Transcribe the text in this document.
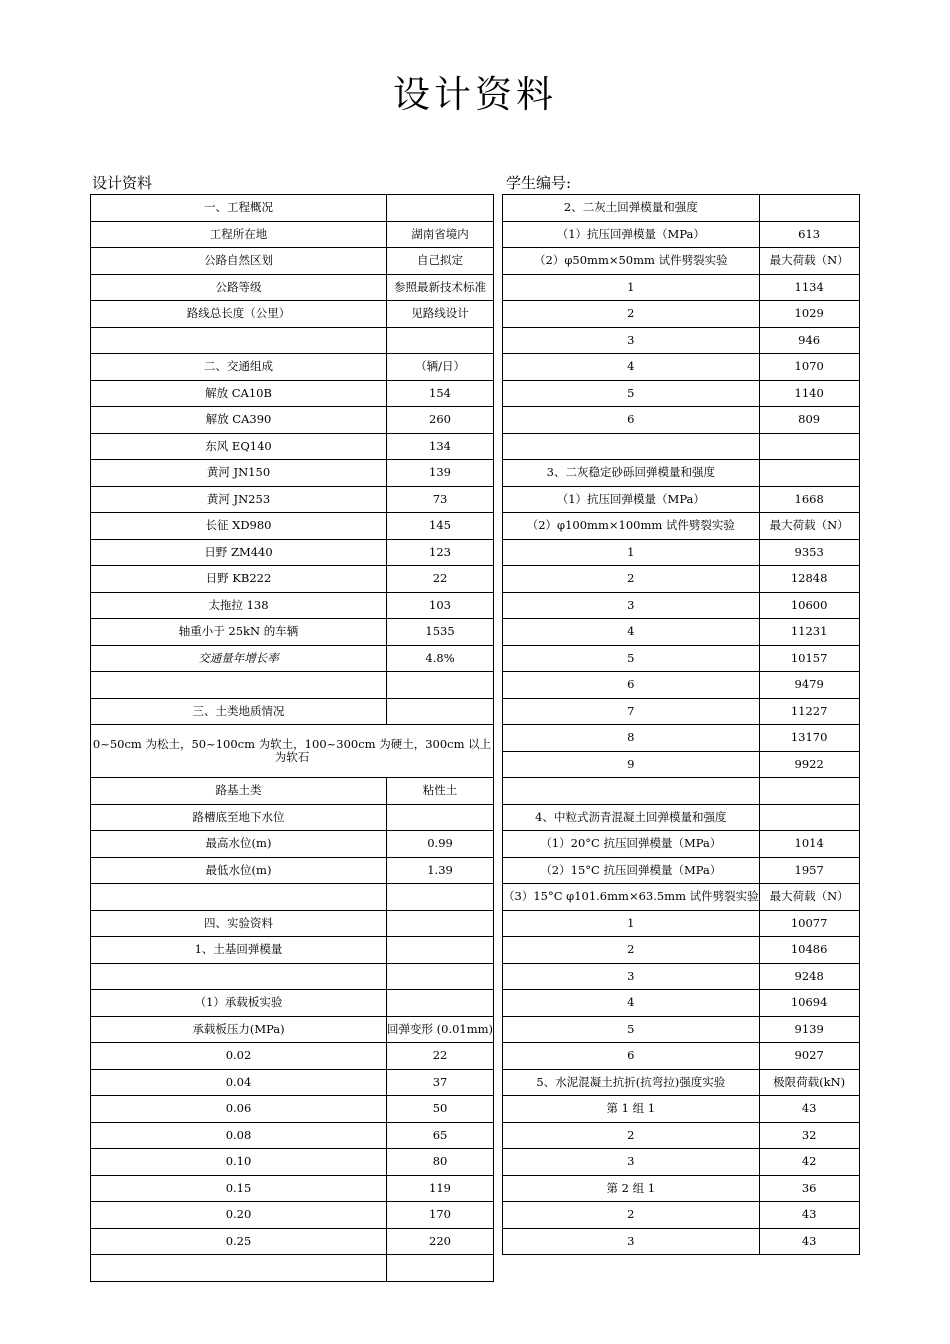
设计资料
设计资料	学生编号:
一、工程概况	
工程所在地	湖南省境内
公路自然区划	自己拟定
公路等级	参照最新技术标准
路线总长度（公里）	见路线设计

二、交通组成	（辆/日）
解放 CA10B	154
解放 CA390	260
东风 EQ140	134
黄河 JN150	139
黄河 JN253	73
长征 XD980	145
日野 ZM440	123
日野 KB222	22
太拖拉 138	103
轴重小于 25kN 的车辆	1535
交通量年增长率	4.8%

三、土类地质情况	
0~50cm 为松土，50~100cm 为软土，100~300cm 为硬土，300cm 以上为软石	
路基土类	粘性土
路槽底至地下水位	
最高水位(m)	0.99
最低水位(m)	1.39

四、实验资料	
1、土基回弹模量	

（1）承载板实验	
承载板压力(MPa)	回弹变形 (0.01mm)
0.02	22
0.04	37
0.06	50
0.08	65
0.10	80
0.15	119
0.20	170
0.25	220

2、二灰土回弹模量和强度	
（1）抗压回弹模量（MPa）	613
（2）φ50mm×50mm 试件劈裂实验	最大荷载（N）
1	1134
2	1029
3	946
4	1070
5	1140
6	809

3、二灰稳定砂砾回弹模量和强度	
（1）抗压回弹模量（MPa）	1668
（2）φ100mm×100mm 试件劈裂实验	最大荷载（N）
1	9353
2	12848
3	10600
4	11231
5	10157
6	9479
7	11227
8	13170
9	9922

4、中粒式沥青混凝土回弹模量和强度	
（1）20°C 抗压回弹模量（MPa）	1014
（2）15°C 抗压回弹模量（MPa）	1957
（3）15°C φ101.6mm×63.5mm 试件劈裂实验	最大荷载（N）
1	10077
2	10486
3	9248
4	10694
5	9139
6	9027
5、水泥混凝土抗折(抗弯拉)强度实验	极限荷载(kN)
第 1 组 1	43
2	32
3	42
第 2 组 1	36
2	43
3	43
